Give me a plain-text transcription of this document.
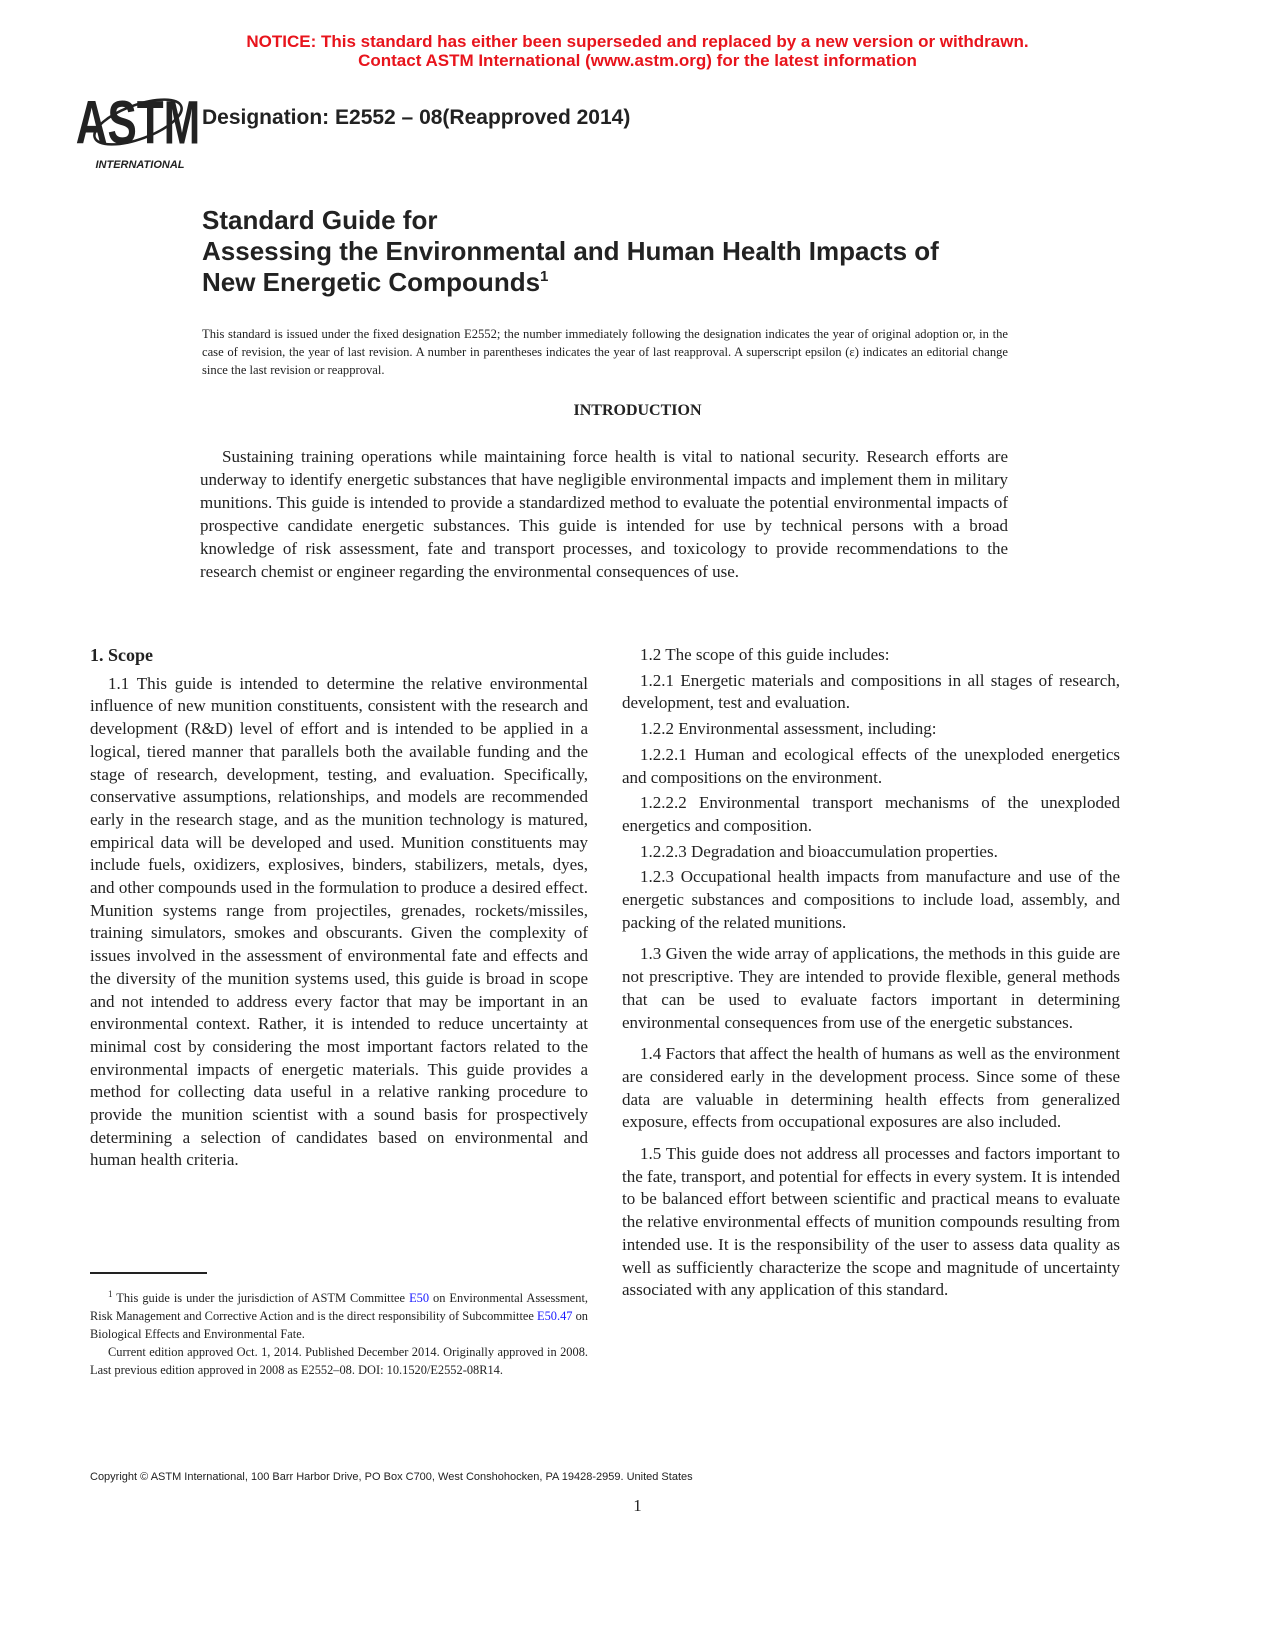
NOTICE: This standard has either been superseded and replaced by a new version or withdrawn.
Contact ASTM International (www.astm.org) for the latest information
ASTM
INTERNATIONAL
Designation: E2552 – 08(Reapproved 2014)
Standard Guide for
Assessing the Environmental and Human Health Impacts of
New Energetic Compounds$^1$
This standard is issued under the fixed designation E2552; the number immediately following the designation indicates the year of original adoption or, in the case of revision, the year of last revision. A number in parentheses indicates the year of last reapproval. A superscript epsilon (ε) indicates an editorial change since the last revision or reapproval.
INTRODUCTION
Sustaining training operations while maintaining force health is vital to national security. Research efforts are underway to identify energetic substances that have negligible environmental impacts and implement them in military munitions. This guide is intended to provide a standardized method to evaluate the potential environmental impacts of prospective candidate energetic substances. This guide is intended for use by technical persons with a broad knowledge of risk assessment, fate and transport processes, and toxicology to provide recommendations to the research chemist or engineer regarding the environmental consequences of use.
1. Scope

1.1 This guide is intended to determine the relative environmental influence of new munition constituents, consistent with the research and development (R&D) level of effort and is intended to be applied in a logical, tiered manner that parallels both the available funding and the stage of research, development, testing, and evaluation. Specifically, conservative assumptions, relationships, and models are recommended early in the research stage, and as the munition technology is matured, empirical data will be developed and used. Munition constituents may include fuels, oxidizers, explosives, binders, stabilizers, metals, dyes, and other compounds used in the formulation to produce a desired effect. Munition systems range from projectiles, grenades, rockets/missiles, training simulators, smokes and obscurants. Given the complexity of issues involved in the assessment of environmental fate and effects and the diversity of the munition systems used, this guide is broad in scope and not intended to address every factor that may be important in an environmental context. Rather, it is intended to reduce uncertainty at minimal cost by considering the most important factors related to the environmental impacts of energetic materials. This guide provides a method for collecting data useful in a relative ranking procedure to provide the munition scientist with a sound basis for prospectively determining a selection of candidates based on environmental and human health criteria.

1.2 The scope of this guide includes:

1.2.1 Energetic materials and compositions in all stages of research, development, test and evaluation.

1.2.2 Environmental assessment, including:

1.2.2.1 Human and ecological effects of the unexploded energetics and compositions on the environment.

1.2.2.2 Environmental transport mechanisms of the unexploded energetics and composition.

1.2.2.3 Degradation and bioaccumulation properties.

1.2.3 Occupational health impacts from manufacture and use of the energetic substances and compositions to include load, assembly, and packing of the related munitions.

1.3 Given the wide array of applications, the methods in this guide are not prescriptive. They are intended to provide flexible, general methods that can be used to evaluate factors important in determining environmental consequences from use of the energetic substances.

1.4 Factors that affect the health of humans as well as the environment are considered early in the development process. Since some of these data are valuable in determining health effects from generalized exposure, effects from occupational exposures are also included.

1.5 This guide does not address all processes and factors important to the fate, transport, and potential for effects in every system. It is intended to be balanced effort between scientific and practical means to evaluate the relative environmental effects of munition compounds resulting from intended use. It is the responsibility of the user to assess data quality as well as sufficiently characterize the scope and magnitude of uncertainty associated with any application of this standard.

$^1$ This guide is under the jurisdiction of ASTM Committee E50 on Environmental Assessment, Risk Management and Corrective Action and is the direct responsibility of Subcommittee E50.47 on Biological Effects and Environmental Fate.

Current edition approved Oct. 1, 2014. Published December 2014. Originally approved in 2008. Last previous edition approved in 2008 as E2552–08. DOI: 10.1520/E2552-08R14.

Copyright © ASTM International, 100 Barr Harbor Drive, PO Box C700, West Conshohocken, PA 19428-2959. United States
1
